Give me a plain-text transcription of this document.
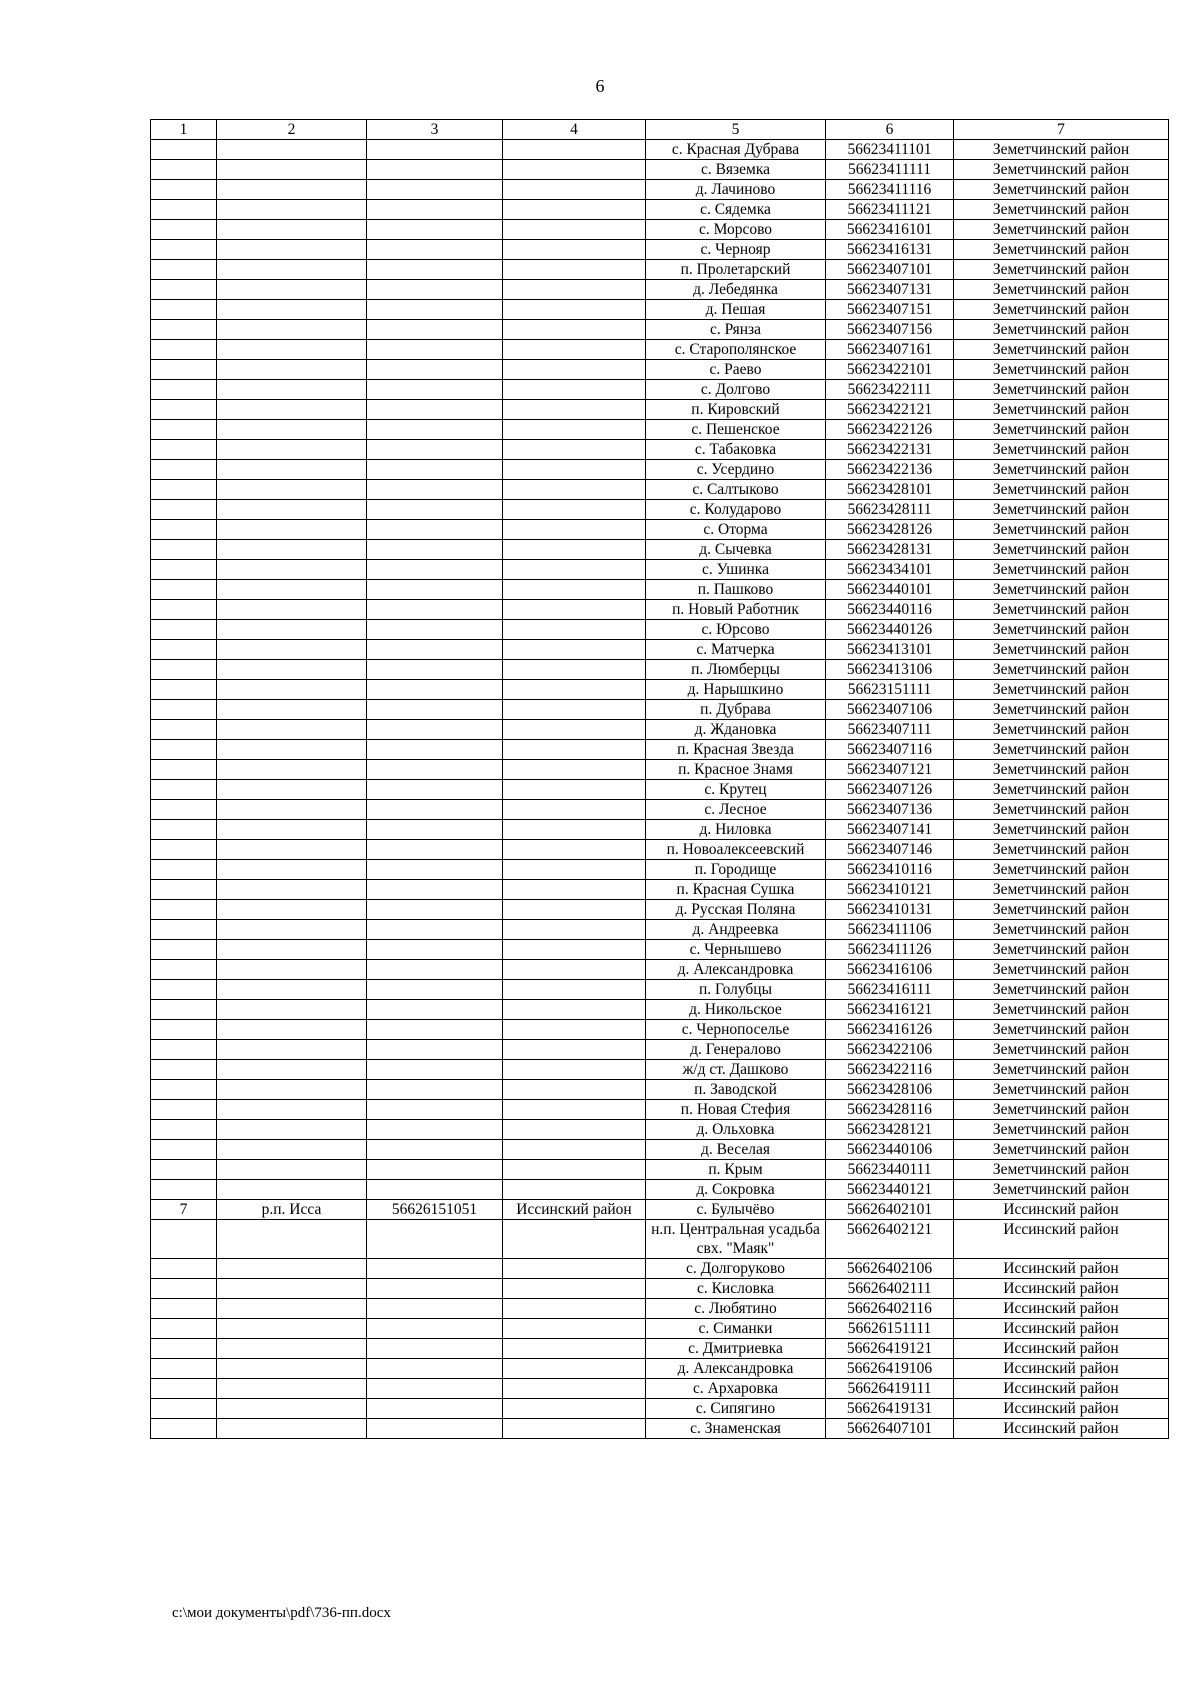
6
1	2	3	4	5	6	7
				с. Красная Дубрава	56623411101	Земетчинский район
				с. Вяземка	56623411111	Земетчинский район
				д. Лачиново	56623411116	Земетчинский район
				с. Сядемка	56623411121	Земетчинский район
				с. Морсово	56623416101	Земетчинский район
				с. Черноя​р	56623416131	Земетчинский район
				п. Пролетарский	56623407101	Земетчинский район
				д. Лебедянка	56623407131	Земетчинский район
				д. Пешая	56623407151	Земетчинский район
				с. Рянза	56623407156	Земетчинский район
				с. Старополянское	56623407161	Земетчинский район
				с. Раево	56623422101	Земетчинский район
				с. Долгово	56623422111	Земетчинский район
				п. Кировский	56623422121	Земетчинский район
				с. Пешенское	56623422126	Земетчинский район
				с. Табаковка	56623422131	Земетчинский район
				с. Усердино	56623422136	Земетчинский район
				с. Салтыково	56623428101	Земетчинский район
				с. Колударово	56623428111	Земетчинский район
				с. Оторма	56623428126	Земетчинский район
				д. Сычевка	56623428131	Земетчинский район
				с. Ушинка	56623434101	Земетчинский район
				п. Пашково	56623440101	Земетчинский район
				п. Новый Работник	56623440116	Земетчинский район
				с. Юрсово	56623440126	Земетчинский район
				с. Матчерка	56623413101	Земетчинский район
				п. Люмберцы	56623413106	Земетчинский район
				д. Нарышкино	56623151111	Земетчинский район
				п. Дубрава	56623407106	Земетчинский район
				д. Ждановка	56623407111	Земетчинский район
				п. Красная Звезда	56623407116	Земетчинский район
				п. Красное Знамя	56623407121	Земетчинский район
				с. Крутец	56623407126	Земетчинский район
				с. Лесное	56623407136	Земетчинский район
				д. Ниловка	56623407141	Земетчинский район
				п. Новоалексеевский	56623407146	Земетчинский район
				п. Городище	56623410116	Земетчинский район
				п. Красная Сушка	56623410121	Земетчинский район
				д. Русская Поляна	56623410131	Земетчинский район
				д. Андреевка	56623411106	Земетчинский район
				с. Чернышево	56623411126	Земетчинский район
				д. Александровка	56623416106	Земетчинский район
				п. Голубцы	56623416111	Земетчинский район
				д. Никольское	56623416121	Земетчинский район
				с. Черноп​оселье	56623416126	Земетчинский район
				д. Генералово	56623422106	Земетчинский район
				ж/д ст. Дашково	56623422116	Земетчинский район
				п. Заводской	56623428106	Земетчинский район
				п. Новая Стефия	56623428116	Земетчинский район
				д. Ольховка	56623428121	Земетчинский район
				д. Веселая	56623440106	Земетчинский район
				п. Крым	56623440111	Земетчинский район
				д. Сокровка	56623440121	Земетчинский район
7	р.п. Исса	56626151051	Иссинский район	с. Булычёво	56626402101	Иссинский район
				н.п. Центральная усадьба свх. "Маяк"	56626402121	Иссинский район
				с. Долгоруково	56626402106	Иссинский район
				с. Кисловка	56626402111	Иссинский район
				с. Любятино	56626402116	Иссинский район
				с. Симанки	56626151111	Иссинский район
				с. Дмитриевка	56626419121	Иссинский район
				д. Александровка	56626419106	Иссинский район
				с. Архаровка	56626419111	Иссинский район
				с. Сипягино	56626419131	Иссинский район
				с. Знаменская	56626407101	Иссинский район
c:\мои документы\pdf\736-пп.docx
